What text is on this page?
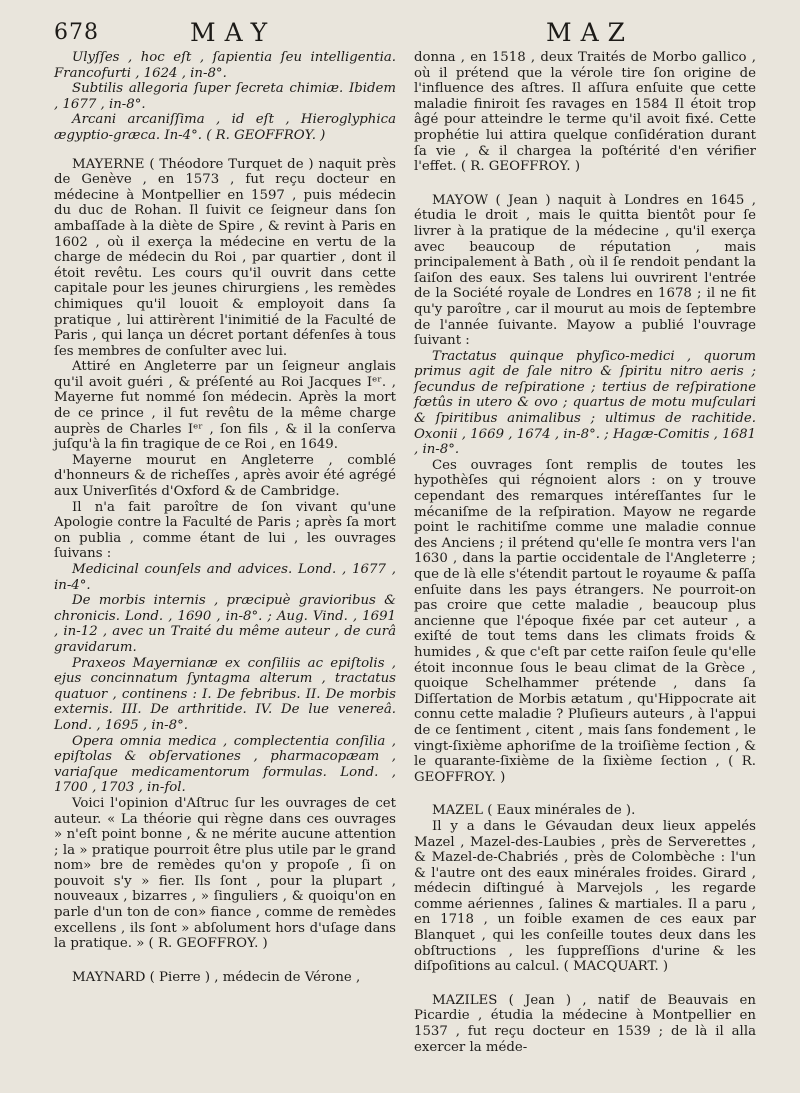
678	MAY	MAZ

Ulyſſes , hoc eſt , ſapientia ſeu intelligentia. Francofurti , 1624 , in-8°.

Subtilis allegoria ſuper ſecreta chimiæ. Ibidem , 1677 , in-8°.

Arcani arcaniſſima , id eſt , Hieroglyphica ægyptio-græca. In-4°. ( R. GEOFFROY. )

MAYERNE ( Théodore Turquet de ) naquit près de Genève , en 1573 , fut reçu docteur en médecine à Montpellier en 1597 , puis médecin du duc de Rohan. Il ſuivit ce ſeigneur dans ſon ambaſſade à la diète de Spire , & revint à Paris en 1602 , où il exerça la médecine en vertu de la charge de médecin du Roi , par quartier , dont il étoit revêtu. Les cours qu'il ouvrit dans cette capitale pour les jeunes chirurgiens , les remèdes chimiques qu'il louoit & employoit dans ſa pratique , lui attirèrent l'inimitié de la Faculté de Paris , qui lança un décret portant défenſes à tous ſes membres de conſulter avec lui.

Attiré en Angleterre par un ſeigneur anglais qu'il avoit guéri , & préſenté au Roi Jacques Iᵉʳ. , Mayerne fut nommé ſon médecin. Après la mort de ce prince , il fut revêtu de la même charge auprès de Charles Iᵉʳ , ſon fils , & il la conſerva juſqu'à la fin tragique de ce Roi , en 1649.

Mayerne mourut en Angleterre , comblé d'honneurs & de richeſſes , après avoir été agrégé aux Univerſités d'Oxford & de Cambridge.

Il n'a fait paroître de ſon vivant qu'une Apologie contre la Faculté de Paris ; après ſa mort on publia , comme étant de lui , les ouvrages ſuivans :

Medicinal counſels and advices. Lond. , 1677 , in-4°.

De morbis internis , præcipuè gravioribus & chronicis. Lond. , 1690 , in-8°. ; Aug. Vind. , 1691 , in-12 , avec un Traité du même auteur , de curâ gravidarum.

Praxeos Mayernianæ ex conſiliis ac epiſtolis , ejus concinnatum ſyntagma alterum , tractatus quatuor , continens : I. De febribus. II. De morbis externis. III. De arthritide. IV. De lue venereâ. Lond. , 1695 , in-8°.

Opera omnia medica , complectentia conſilia , epiſtolas & obſervationes , pharmacopæam , variaſque medicamentorum formulas. Lond. , 1700 , 1703 , in-fol.

Voici l'opinion d'Aſtruc ſur les ouvrages de cet auteur. « La théorie qui règne dans ces ouvrages » n'eſt point bonne , & ne mérite aucune attention ; la » pratique pourroit être plus utile par le grand nom» bre de remèdes qu'on y propoſe , ſi on pouvoit s'y » fier. Ils ſont , pour la plupart , nouveaux , bizarres , » ſinguliers , & quoiqu'on en parle d'un ton de con» fiance , comme de remèdes excellens , ils ſont » abſolument hors d'uſage dans la pratique. » ( R. GEOFFROY. )

MAYNARD ( Pierre ) , médecin de Vérone ,

donna , en 1518 , deux Traités de Morbo gallico , où il prétend que la vérole tire ſon origine de l'influence des aſtres. Il aſſura enſuite que cette maladie finiroit ſes ravages en 1584 Il étoit trop âgé pour atteindre le terme qu'il avoit fixé. Cette prophétie lui attira quelque conſidération durant ſa vie , & il chargea la poſtérité d'en vérifier l'effet. ( R. GEOFFROY. )

MAYOW ( Jean ) naquit à Londres en 1645 , étudia le droit , mais le quitta bientôt pour ſe livrer à la pratique de la médecine , qu'il exerça avec beaucoup de réputation , mais principalement à Bath , où il ſe rendoit pendant la ſaiſon des eaux. Ses talens lui ouvrirent l'entrée de la Société royale de Londres en 1678 ; il ne fit qu'y paroître , car il mourut au mois de ſeptembre de l'année ſuivante. Mayow a publié l'ouvrage ſuivant :

Tractatus quinque phyſico-medici , quorum primus agit de ſale nitro & ſpiritu nitro aeris ; ſecundus de reſpiratione ; tertius de reſpiratione fœtûs in utero & ovo ; quartus de motu muſculari & ſpiritibus animalibus ; ultimus de rachitide. Oxonii , 1669 , 1674 , in-8°. ; Hagæ-Comitis , 1681 , in-8°.

Ces ouvrages ſont remplis de toutes les hypothèſes qui régnoient alors : on y trouve cependant des remarques intéreſſantes ſur le mécaniſme de la reſpiration. Mayow ne regarde point le rachitiſme comme une maladie connue des Anciens ; il prétend qu'elle ſe montra vers l'an 1630 , dans la partie occidentale de l'Angleterre ; que de là elle s'étendit partout le royaume & paſſa enſuite dans les pays étrangers. Ne pourroit-on pas croire que cette maladie , beaucoup plus ancienne que l'époque fixée par cet auteur , a exiſté de tout tems dans les climats froids & humides , & que c'eſt par cette raiſon ſeule qu'elle étoit inconnue ſous le beau climat de la Grèce , quoique Schelhammer prétende , dans ſa Diſſertation de Morbis ætatum , qu'Hippocrate ait connu cette maladie ? Pluſieurs auteurs , à l'appui de ce ſentiment , citent , mais ſans fondement , le vingt-ſixième aphoriſme de la troiſième ſection , & le quarante-ſixième de la ſixième ſection , ( R. GEOFFROY. )

MAZEL ( Eaux minérales de ).

Il y a dans le Gévaudan deux lieux appelés Mazel , Mazel-des-Laubies , près de Serverettes , & Mazel-de-Chabriés , près de Colombèche : l'un & l'autre ont des eaux minérales froides. Girard , médecin diſtingué à Marvejols , les regarde comme aériennes , ſalines & martiales. Il a paru , en 1718 , un foible examen de ces eaux par Blanquet , qui les conſeille toutes deux dans les obſtructions , les ſuppreſſions d'urine & les diſpoſitions au calcul. ( MACQUART. )

MAZILES ( Jean ) , natif de Beauvais en Picardie , étudia la médecine à Montpellier en 1537 , fut reçu docteur en 1539 ; de là il alla exercer la méde-
